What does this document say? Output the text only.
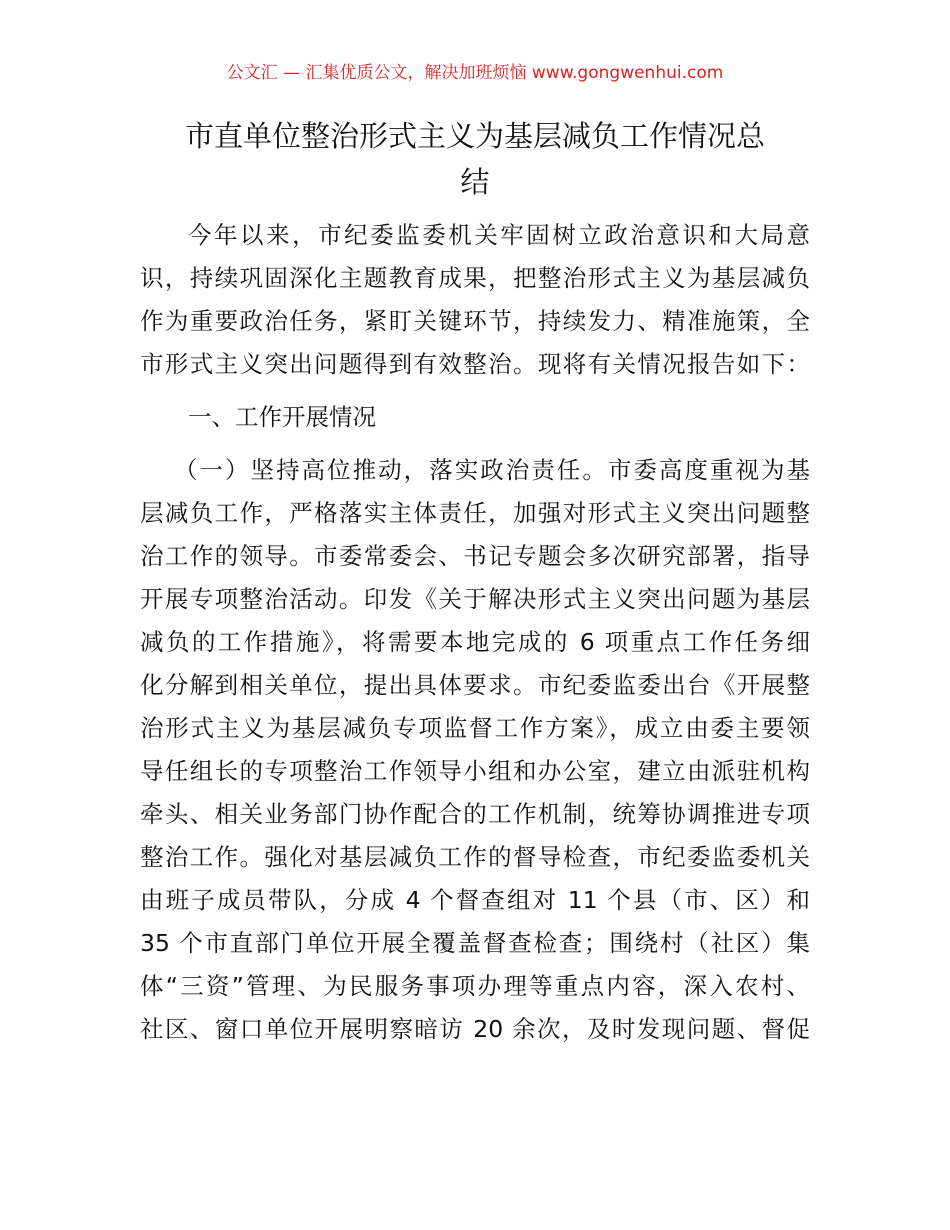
公文汇 — 汇集优质公文，解决加班烦恼 www.gongwenhui.com
市直单位整治形式主义为基层减负工作情况总
结
今年以来，市纪委监委机关牢固树立政治意识和大局意
识，持续巩固深化主题教育成果，把整治形式主义为基层减负
作为重要政治任务，紧盯关键环节，持续发力、精准施策，全
市形式主义突出问题得到有效整治。现将有关情况报告如下：
一、工作开展情况
（一）坚持高位推动，落实政治责任。市委高度重视为基
层减负工作，严格落实主体责任，加强对形式主义突出问题整
治工作的领导。市委常委会、书记专题会多次研究部署，指导
开展专项整治活动。印发《关于解决形式主义突出问题为基层
减负的工作措施》，将需要本地完成的 6 项重点工作任务细
化分解到相关单位，提出具体要求。市纪委监委出台《开展整
治形式主义为基层减负专项监督工作方案》，成立由委主要领
导任组长的专项整治工作领导小组和办公室，建立由派驻机构
牵头、相关业务部门协作配合的工作机制，统筹协调推进专项
整治工作。强化对基层减负工作的督导检查，市纪委监委机关
由班子成员带队，分成 4 个督查组对 11 个县（市、区）和
35 个市直部门单位开展全覆盖督查检查；围绕村（社区）集
体“三资”管理、为民服务事项办理等重点内容，深入农村、
社区、窗口单位开展明察暗访 20 余次，及时发现问题、督促
